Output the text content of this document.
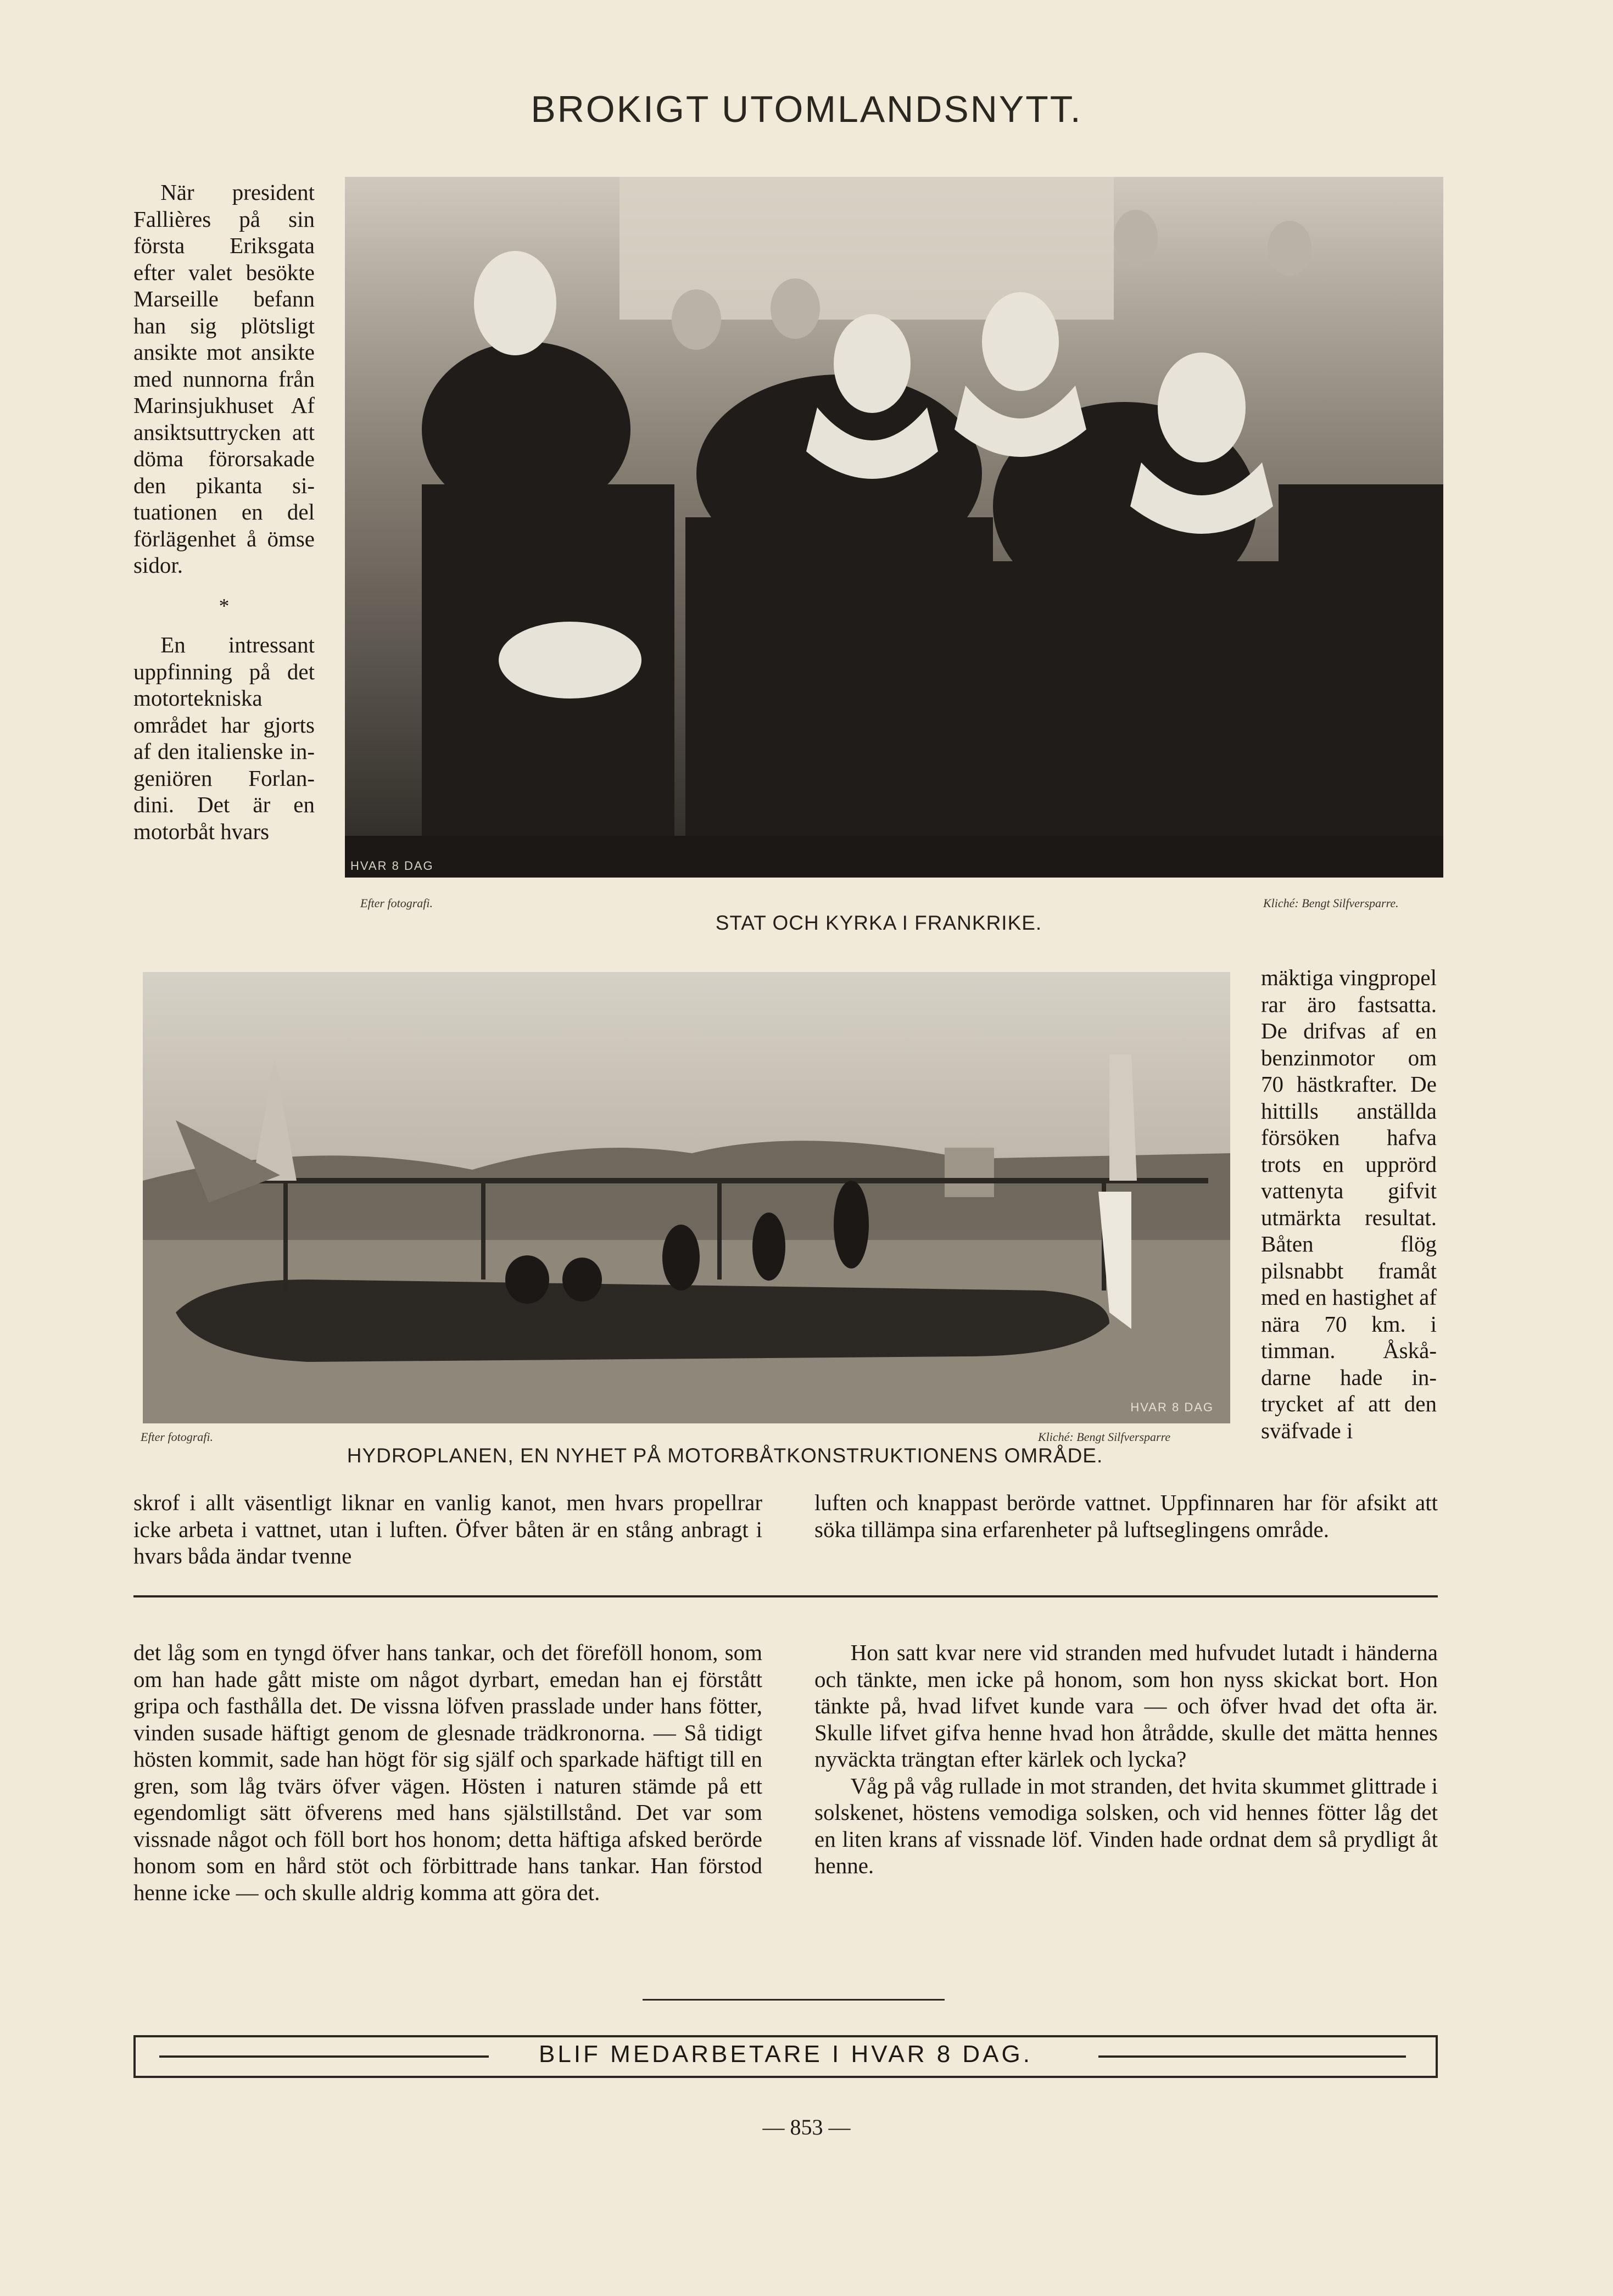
BROKIGT UTOMLANDSNYTT.
När president Fallières på sin första Eriksgata efter valet besökte Marseille befann han sig plötsligt ansikte mot ansikte med nunnorna från Marinsjukhuset Af ansiktsuttrycken att döma förorsakade den pikanta situationen en del förlägenhet å ömse sidor.
*
En intressant uppfinning på det motortekniska området har gjorts af den italienske ingeniören Forlandini. Det är en motorbåt hvars
HVAR 8 DAG
Efter fotografi.	Kliché: Bengt Silfversparre.
STAT OCH KYRKA I FRANKRIKE.
HVAR 8 DAG
Efter fotografi.	Kliché: Bengt Silfversparre
HYDROPLANEN, EN NYHET PÅ MOTORBÅTKONSTRUKTIONENS OMRÅDE.
mäktiga vingpropel rar äro fastsatta. De drifvas af en benzinmotor om 70 hästkrafter. De hittills anställda försöken hafva trots en upprörd vattenyta gifvit utmärkta resultat. Båten flög pilsnabbt framåt med en hastighet af nära 70 km. i timman. Åskådarne hade intrycket af att den sväfvade i
skrof i allt väsentligt liknar en vanlig kanot, men hvars propellrar icke arbeta i vattnet, utan i luften. Öfver båten är en stång anbragt i hvars båda ändar tvenne
luften och knappast berörde vattnet. Uppfinnaren har för afsikt att söka tillämpa sina erfarenheter på luftseglingens område.
det låg som en tyngd öfver hans tankar, och det föreföll honom, som om han hade gått miste om något dyrbart, emedan han ej förstått gripa och fasthålla det. De vissna löfven prasslade under hans fötter, vinden susade häftigt genom de glesnade trädkronorna. — Så tidigt hösten kommit, sade han högt för sig själf och sparkade häftigt till en gren, som låg tvärs öfver vägen. Hösten i naturen stämde på ett egendomligt sätt öfverens med hans själstillstånd. Det var som vissnade något och föll bort hos honom; detta häftiga afsked berörde honom som en hård stöt och förbittrade hans tankar. Han förstod henne icke — och skulle aldrig komma att göra det.
Hon satt kvar nere vid stranden med hufvudet lutadt i händerna och tänkte, men icke på honom, som hon nyss skickat bort. Hon tänkte på, hvad lifvet kunde vara — och öfver hvad det ofta är. Skulle lifvet gifva henne hvad hon åtrådde, skulle det mätta hennes nyväckta trängtan efter kärlek och lycka?
Våg på våg rullade in mot stranden, det hvita skummet glittrade i solskenet, höstens vemodiga solsken, och vid hennes fötter låg det en liten krans af vissnade löf. Vinden hade ordnat dem så prydligt åt henne.
BLIF MEDARBETARE I HVAR 8 DAG.
— 853 —
